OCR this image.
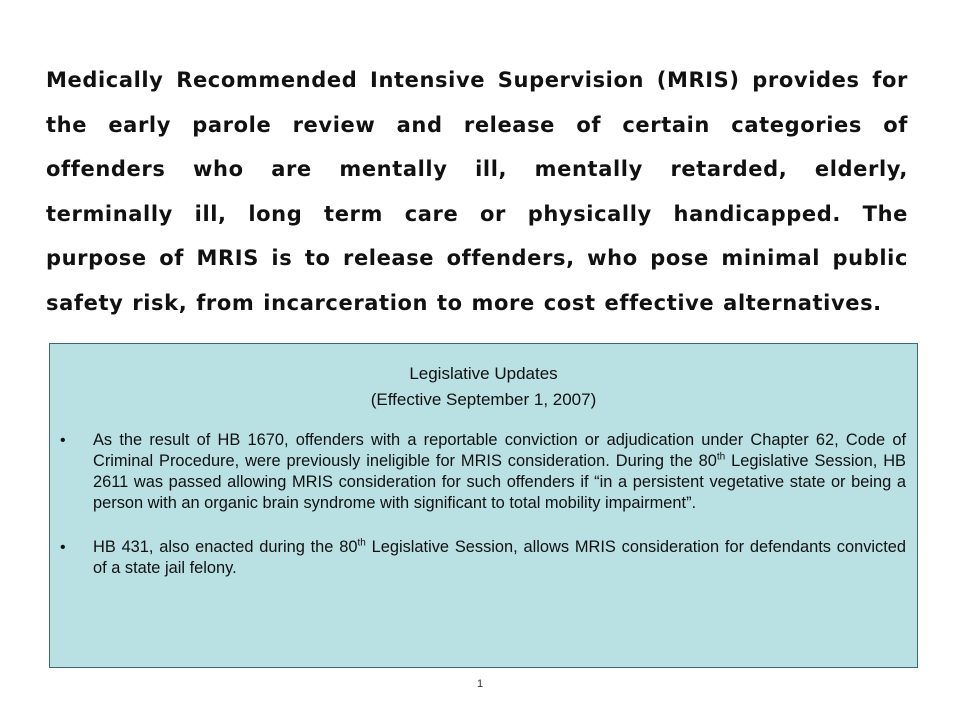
Medically Recommended Intensive Supervision (MRIS) provides for the early parole review and release of certain categories of offenders who are mentally ill, mentally retarded, elderly, terminally ill, long term care or physically handicapped. The purpose of MRIS is to release offenders, who pose minimal public safety risk, from incarceration to more cost effective alternatives.

Legislative Updates
(Effective September 1, 2007)
• As the result of HB 1670, offenders with a reportable conviction or adjudication under Chapter 62, Code of Criminal Procedure, were previously ineligible for MRIS consideration. During the 80th Legislative Session, HB 2611 was passed allowing MRIS consideration for such offenders if “in a persistent vegetative state or being a person with an organic brain syndrome with significant to total mobility impairment”.
• HB 431, also enacted during the 80th Legislative Session, allows MRIS consideration for defendants convicted of a state jail felony.
1
